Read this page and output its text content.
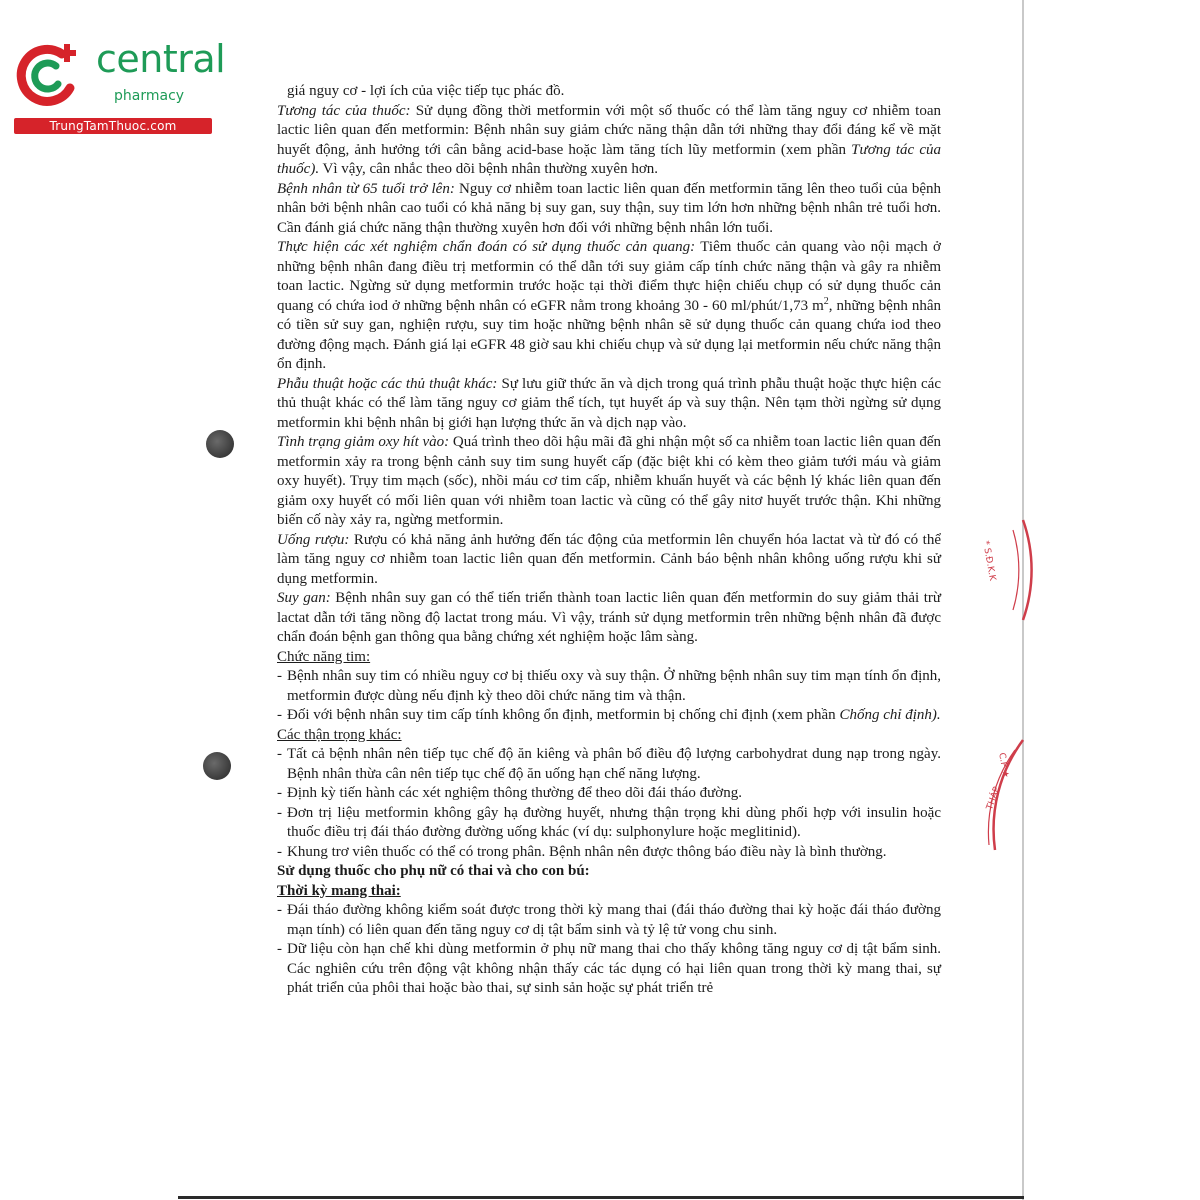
central
pharmacy
TrungTamThuoc.com
* S.Đ.K.K
C.P ★
THÁP

giá nguy cơ - lợi ích của việc tiếp tục phác đồ.

Tương tác của thuốc: Sử dụng đồng thời metformin với một số thuốc có thể làm tăng nguy cơ nhiễm toan lactic liên quan đến metformin: Bệnh nhân suy giảm chức năng thận dẫn tới những thay đổi đáng kể về mặt huyết động, ảnh hưởng tới cân bằng acid-base hoặc làm tăng tích lũy metformin (xem phần Tương tác của thuốc). Vì vậy, cân nhắc theo dõi bệnh nhân thường xuyên hơn.

Bệnh nhân từ 65 tuổi trở lên: Nguy cơ nhiễm toan lactic liên quan đến metformin tăng lên theo tuổi của bệnh nhân bởi bệnh nhân cao tuổi có khả năng bị suy gan, suy thận, suy tim lớn hơn những bệnh nhân trẻ tuổi hơn. Cần đánh giá chức năng thận thường xuyên hơn đối với những bệnh nhân lớn tuổi.

Thực hiện các xét nghiệm chẩn đoán có sử dụng thuốc cản quang: Tiêm thuốc cản quang vào nội mạch ở những bệnh nhân đang điều trị metformin có thể dẫn tới suy giảm cấp tính chức năng thận và gây ra nhiễm toan lactic. Ngừng sử dụng metformin trước hoặc tại thời điểm thực hiện chiếu chụp có sử dụng thuốc cản quang có chứa iod ở những bệnh nhân có eGFR nằm trong khoảng 30 - 60 ml/phút/1,73 $m^2$, những bệnh nhân có tiền sử suy gan, nghiện rượu, suy tim hoặc những bệnh nhân sẽ sử dụng thuốc cản quang chứa iod theo đường động mạch. Đánh giá lại eGFR 48 giờ sau khi chiếu chụp và sử dụng lại metformin nếu chức năng thận ổn định.

Phẫu thuật hoặc các thủ thuật khác: Sự lưu giữ thức ăn và dịch trong quá trình phẫu thuật hoặc thực hiện các thủ thuật khác có thể làm tăng nguy cơ giảm thể tích, tụt huyết áp và suy thận. Nên tạm thời ngừng sử dụng metformin khi bệnh nhân bị giới hạn lượng thức ăn và dịch nạp vào.

Tình trạng giảm oxy hít vào: Quá trình theo dõi hậu mãi đã ghi nhận một số ca nhiễm toan lactic liên quan đến metformin xảy ra trong bệnh cảnh suy tim sung huyết cấp (đặc biệt khi có kèm theo giảm tưới máu và giảm oxy huyết). Trụy tim mạch (sốc), nhồi máu cơ tim cấp, nhiễm khuẩn huyết và các bệnh lý khác liên quan đến giảm oxy huyết có mối liên quan với nhiễm toan lactic và cũng có thể gây nitơ huyết trước thận. Khi những biến cố này xảy ra, ngừng metformin.

Uống rượu: Rượu có khả năng ảnh hưởng đến tác động của metformin lên chuyển hóa lactat và từ đó có thể làm tăng nguy cơ nhiễm toan lactic liên quan đến metformin. Cảnh báo bệnh nhân không uống rượu khi sử dụng metformin.

Suy gan: Bệnh nhân suy gan có thể tiến triển thành toan lactic liên quan đến metformin do suy giảm thải trừ lactat dẫn tới tăng nồng độ lactat trong máu. Vì vậy, tránh sử dụng metformin trên những bệnh nhân đã được chẩn đoán bệnh gan thông qua bằng chứng xét nghiệm hoặc lâm sàng.

Chức năng tim:

- Bệnh nhân suy tim có nhiều nguy cơ bị thiếu oxy và suy thận. Ở những bệnh nhân suy tim mạn tính ổn định, metformin được dùng nếu định kỳ theo dõi chức năng tim và thận.
- Đối với bệnh nhân suy tim cấp tính không ổn định, metformin bị chống chỉ định (xem phần Chống chỉ định).

Các thận trọng khác:

- Tất cả bệnh nhân nên tiếp tục chế độ ăn kiêng và phân bố điều độ lượng carbohydrat dung nạp trong ngày. Bệnh nhân thừa cân nên tiếp tục chế độ ăn uống hạn chế năng lượng.
- Định kỳ tiến hành các xét nghiệm thông thường để theo dõi đái tháo đường.
- Đơn trị liệu metformin không gây hạ đường huyết, nhưng thận trọng khi dùng phối hợp với insulin hoặc thuốc điều trị đái tháo đường đường uống khác (ví dụ: sulphonylure hoặc meglitinid).
- Khung trơ viên thuốc có thể có trong phân. Bệnh nhân nên được thông báo điều này là bình thường.

Sử dụng thuốc cho phụ nữ có thai và cho con bú:

Thời kỳ mang thai:

- Đái tháo đường không kiểm soát được trong thời kỳ mang thai (đái tháo đường thai kỳ hoặc đái tháo đường mạn tính) có liên quan đến tăng nguy cơ dị tật bẩm sinh và tỷ lệ tử vong chu sinh.
- Dữ liệu còn hạn chế khi dùng metformin ở phụ nữ mang thai cho thấy không tăng nguy cơ dị tật bẩm sinh. Các nghiên cứu trên động vật không nhận thấy các tác dụng có hại liên quan trong thời kỳ mang thai, sự phát triển của phôi thai hoặc bào thai, sự sinh sản hoặc sự phát triển trẻ
